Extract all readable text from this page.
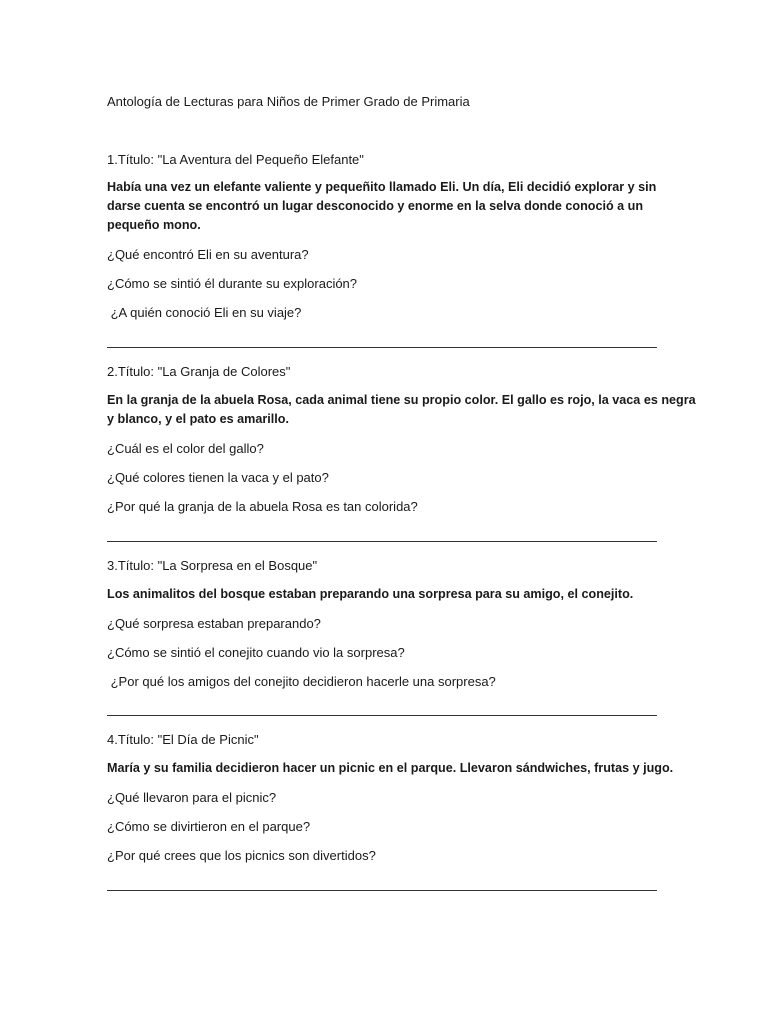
Antología de Lecturas para Niños de Primer Grado de Primaria
1.Título: "La Aventura del Pequeño Elefante"
Había una vez un elefante valiente y pequeñito llamado Eli. Un día, Eli decidió explorar y sin
darse cuenta se encontró un lugar desconocido y enorme en la selva donde conoció a un
pequeño mono.
¿Qué encontró Eli en su aventura?
¿Cómo se sintió él durante su exploración?
¿A quién conoció Eli en su viaje?
2.Título: "La Granja de Colores"
En la granja de la abuela Rosa, cada animal tiene su propio color. El gallo es rojo, la vaca es negra
y blanco, y el pato es amarillo.
¿Cuál es el color del gallo?
¿Qué colores tienen la vaca y el pato?
¿Por qué la granja de la abuela Rosa es tan colorida?
3.Título: "La Sorpresa en el Bosque"
Los animalitos del bosque estaban preparando una sorpresa para su amigo, el conejito.
¿Qué sorpresa estaban preparando?
¿Cómo se sintió el conejito cuando vio la sorpresa?
¿Por qué los amigos del conejito decidieron hacerle una sorpresa?
4.Título: "El Día de Picnic"
María y su familia decidieron hacer un picnic en el parque. Llevaron sándwiches, frutas y jugo.
¿Qué llevaron para el picnic?
¿Cómo se divirtieron en el parque?
¿Por qué crees que los picnics son divertidos?
